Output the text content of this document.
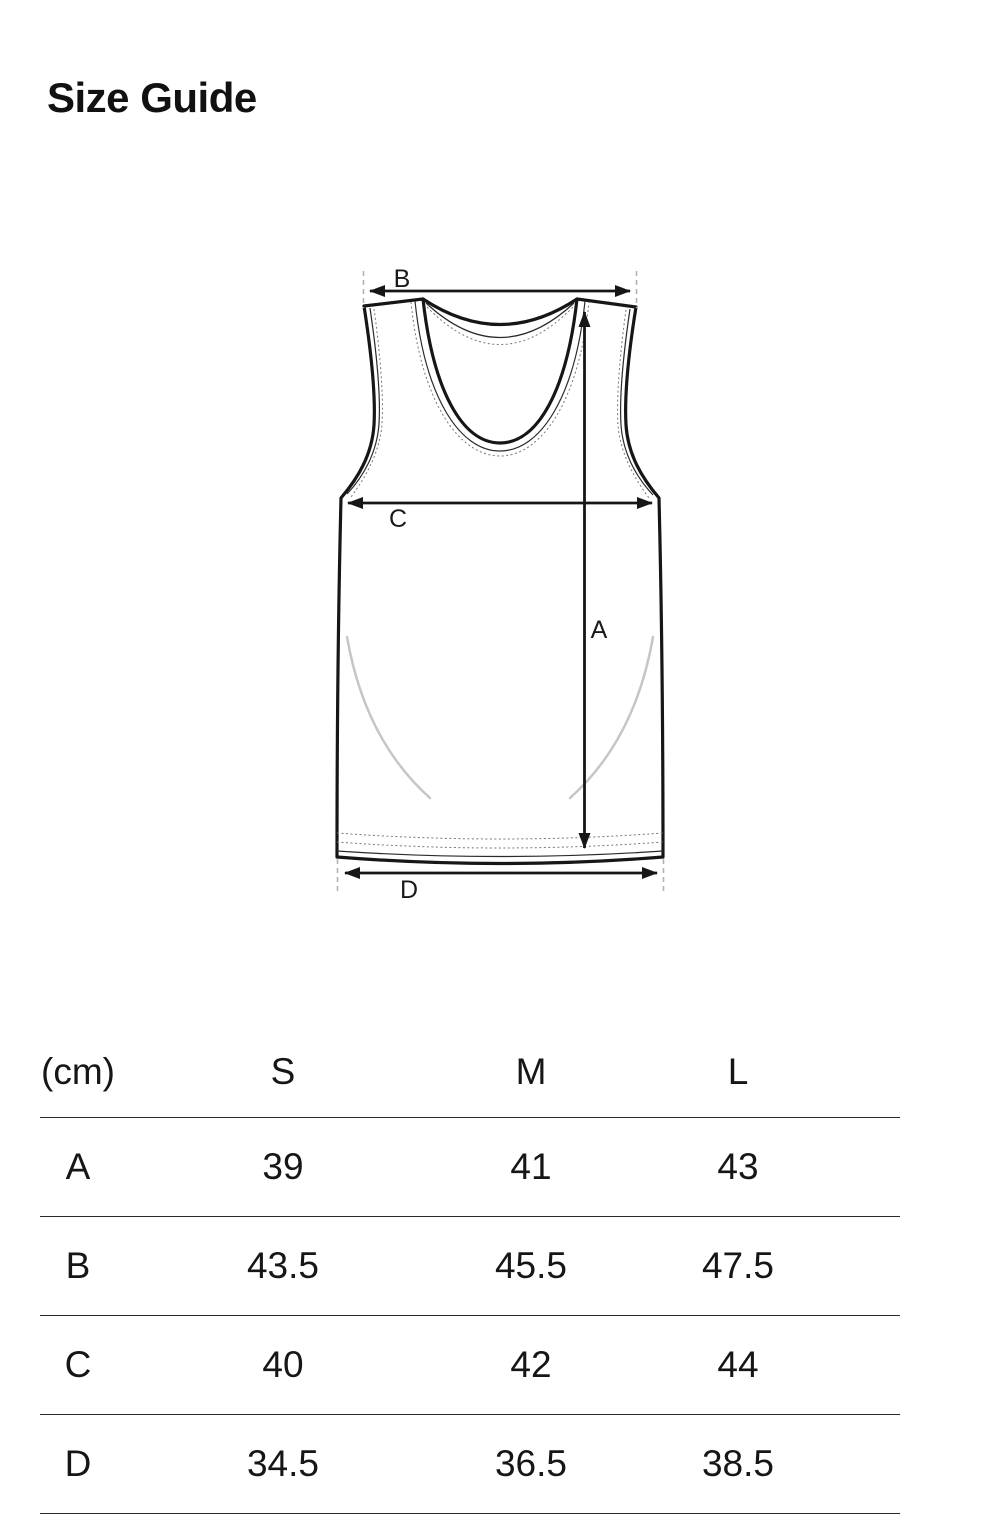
Size Guide
B
C
D
A
(cm)	S	M	L
A	39	41	43
B	43.5	45.5	47.5
C	40	42	44
D	34.5	36.5	38.5
